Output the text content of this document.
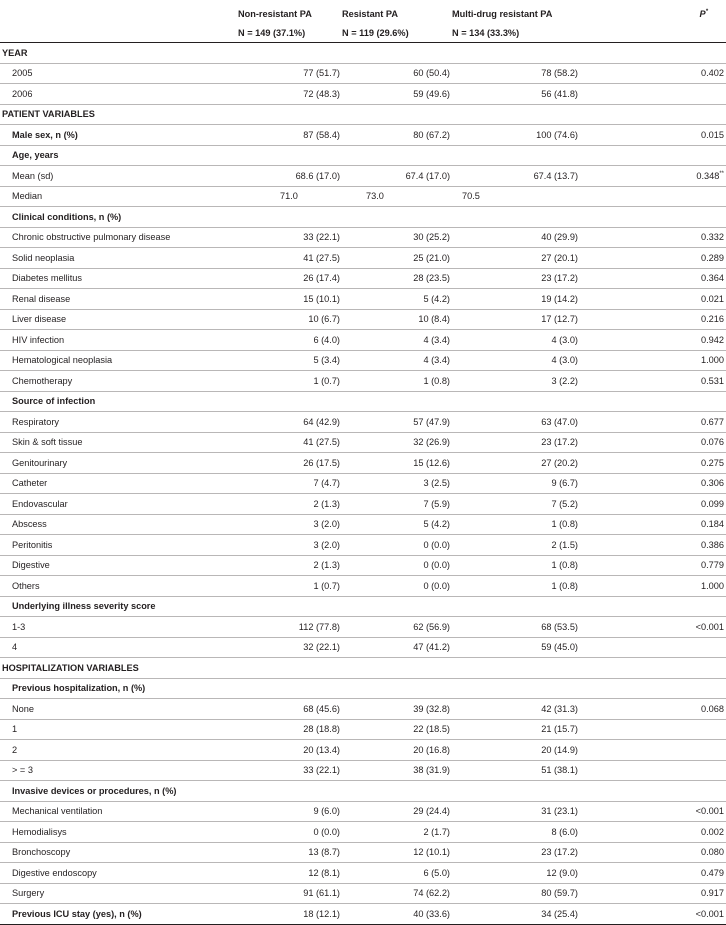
	Non-resistant PA	Resistant PA	Multi-drug resistant PA		P*
	N = 149 (37.1%)	N = 119 (29.6%)	N = 134 (33.3%)		
YEAR					
2005	77 (51.7)	60 (50.4)	78 (58.2)		0.402
2006	72 (48.3)	59 (49.6)	56 (41.8)		
PATIENT VARIABLES					
Male sex, n (%)	87 (58.4)	80 (67.2)	100 (74.6)		0.015
Age, years					
Mean (sd)	68.6 (17.0)	67.4 (17.0)	67.4 (13.7)		0.348**
Median	71.0	73.0	70.5		
Clinical conditions, n (%)					
Chronic obstructive pulmonary disease	33 (22.1)	30 (25.2)	40 (29.9)		0.332
Solid neoplasia	41 (27.5)	25 (21.0)	27 (20.1)		0.289
Diabetes mellitus	26 (17.4)	28 (23.5)	23 (17.2)		0.364
Renal disease	15 (10.1)	5 (4.2)	19 (14.2)		0.021
Liver disease	10 (6.7)	10 (8.4)	17 (12.7)		0.216
HIV infection	6 (4.0)	4 (3.4)	4 (3.0)		0.942
Hematological neoplasia	5 (3.4)	4 (3.4)	4 (3.0)		1.000
Chemotherapy	1 (0.7)	1 (0.8)	3 (2.2)		0.531
Source of infection					
Respiratory	64 (42.9)	57 (47.9)	63 (47.0)		0.677
Skin & soft tissue	41 (27.5)	32 (26.9)	23 (17.2)		0.076
Genitourinary	26 (17.5)	15 (12.6)	27 (20.2)		0.275
Catheter	7 (4.7)	3 (2.5)	9 (6.7)		0.306
Endovascular	2 (1.3)	7 (5.9)	7 (5.2)		0.099
Abscess	3 (2.0)	5 (4.2)	1 (0.8)		0.184
Peritonitis	3 (2.0)	0 (0.0)	2 (1.5)		0.386
Digestive	2 (1.3)	0 (0.0)	1 (0.8)		0.779
Others	1 (0.7)	0 (0.0)	1 (0.8)		1.000
Underlying illness severity score					
1-3	112 (77.8)	62 (56.9)	68 (53.5)		<0.001
4	32 (22.1)	47 (41.2)	59 (45.0)		
HOSPITALIZATION VARIABLES					
Previous hospitalization, n (%)					
None	68 (45.6)	39 (32.8)	42 (31.3)		0.068
1	28 (18.8)	22 (18.5)	21 (15.7)		
2	20 (13.4)	20 (16.8)	20 (14.9)		
> = 3	33 (22.1)	38 (31.9)	51 (38.1)		
Invasive devices or procedures, n (%)					
Mechanical ventilation	9 (6.0)	29 (24.4)	31 (23.1)		<0.001
Hemodialisys	0 (0.0)	2 (1.7)	8 (6.0)		0.002
Bronchoscopy	13 (8.7)	12 (10.1)	23 (17.2)		0.080
Digestive endoscopy	12 (8.1)	6 (5.0)	12 (9.0)		0.479
Surgery	91 (61.1)	74 (62.2)	80 (59.7)		0.917
Previous ICU stay (yes), n (%)	18 (12.1)	40 (33.6)	34 (25.4)		<0.001
